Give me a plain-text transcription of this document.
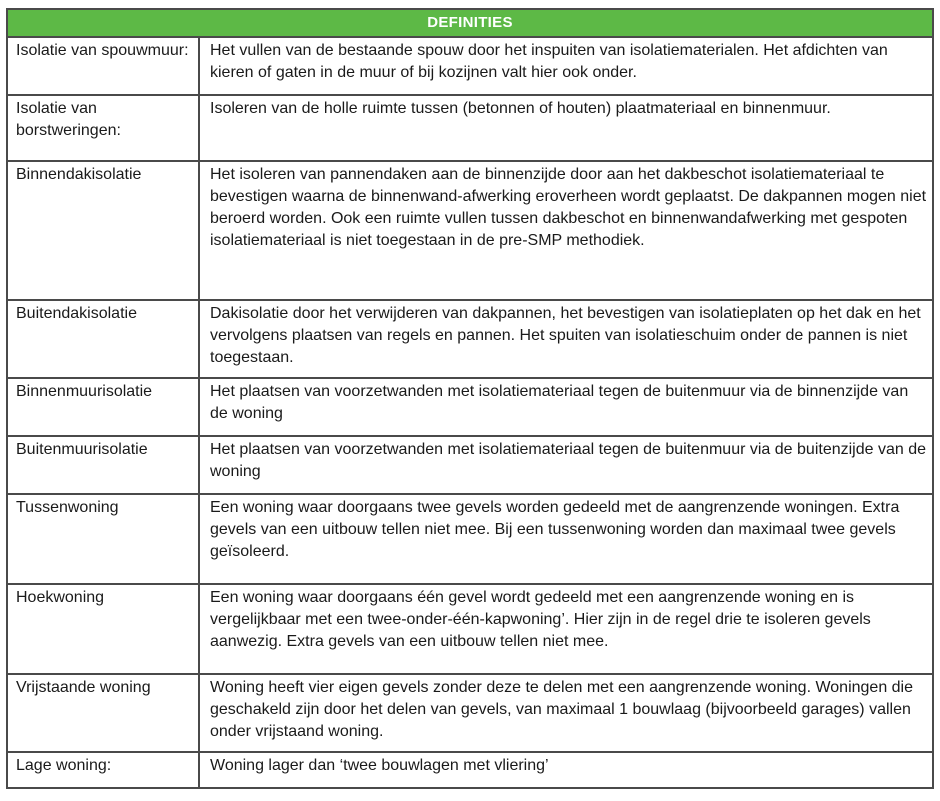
DEFINITIES	
Isolatie van spouwmuur:	Het vullen van de bestaande spouw door het inspuiten van isolatiematerialen. Het afdichten van kieren of gaten in de muur of bij kozijnen valt hier ook onder.
Isolatie van borstweringen:	Isoleren van de holle ruimte tussen (betonnen of houten) plaatmateriaal en binnenmuur.
Binnendakisolatie	Het isoleren van pannendaken aan de binnenzijde door aan het dakbeschot isolatiemateriaal te bevestigen waarna de binnenwand-afwerking eroverheen wordt geplaatst. De dakpannen mogen niet beroerd worden. Ook een ruimte vullen tussen dakbeschot en binnenwandafwerking met gespoten isolatiemateriaal is niet toegestaan in de pre-SMP methodiek.
Buitendakisolatie	Dakisolatie door het verwijderen van dakpannen, het bevestigen van isolatieplaten op het dak en het vervolgens plaatsen van regels en pannen. Het spuiten van isolatieschuim onder de pannen is niet toegestaan.
Binnenmuurisolatie	Het plaatsen van voorzetwanden met isolatiemateriaal tegen de buitenmuur via de binnenzijde van de woning
Buitenmuurisolatie	Het plaatsen van voorzetwanden met isolatiemateriaal tegen de buitenmuur via de buitenzijde van de woning
Tussenwoning	Een woning waar doorgaans twee gevels worden gedeeld met de aangrenzende woningen. Extra gevels van een uitbouw tellen niet mee. Bij een tussenwoning worden dan maximaal twee gevels geïsoleerd.
Hoekwoning	Een woning waar doorgaans één gevel wordt gedeeld met een aangrenzende woning en is vergelijkbaar met een twee-onder-één-kapwoning’. Hier zijn in de regel drie te isoleren gevels aanwezig. Extra gevels van een uitbouw tellen niet mee.
Vrijstaande woning	Woning heeft vier eigen gevels zonder deze te delen met een aangrenzende woning. Woningen die geschakeld zijn door het delen van gevels, van maximaal 1 bouwlaag (bijvoorbeeld garages) vallen onder vrijstaand woning.
Lage woning:	Woning lager dan ‘twee bouwlagen met vliering’
